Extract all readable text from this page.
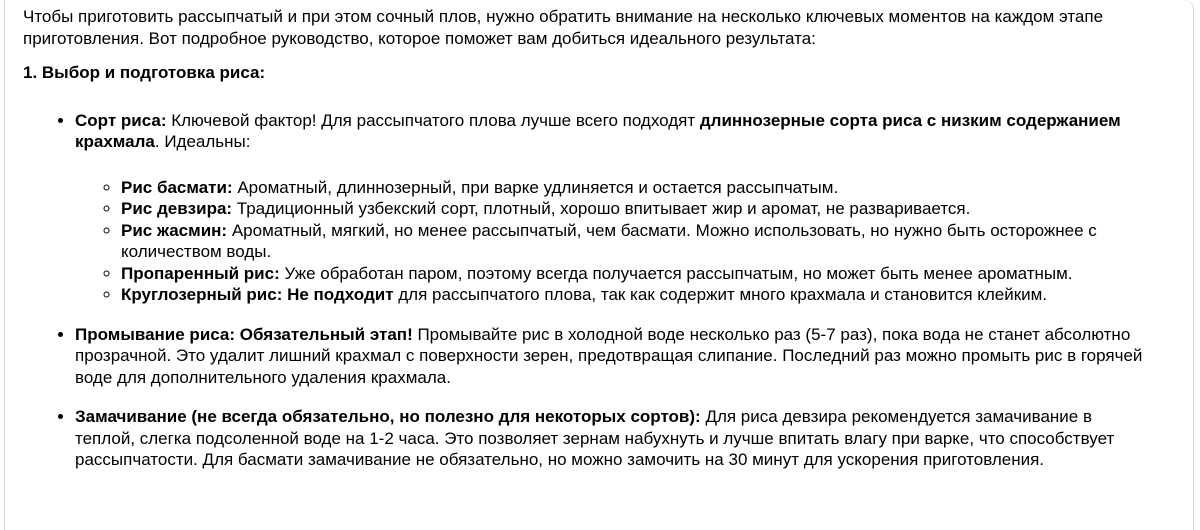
Чтобы приготовить рассыпчатый и при этом сочный плов, нужно обратить внимание на несколько ключевых моментов на каждом этапе приготовления. Вот подробное руководство, которое поможет вам добиться идеального результата:

1. Выбор и подготовка риса:

• Сорт риса: Ключевой фактор! Для рассыпчатого плова лучше всего подходят длиннозерные сорта риса с низким содержанием крахмала. Идеальны:
◦ Рис басмати: Ароматный, длиннозерный, при варке удлиняется и остается рассыпчатым.
◦ Рис девзира: Традиционный узбекский сорт, плотный, хорошо впитывает жир и аромат, не разваривается.
◦ Рис жасмин: Ароматный, мягкий, но менее рассыпчатый, чем басмати. Можно использовать, но нужно быть осторожнее с количеством воды.
◦ Пропаренный рис: Уже обработан паром, поэтому всегда получается рассыпчатым, но может быть менее ароматным.
◦ Круглозерный рис: Не подходит для рассыпчатого плова, так как содержит много крахмала и становится клейким.
• Промывание риса: Обязательный этап! Промывайте рис в холодной воде несколько раз (5-7 раз), пока вода не станет абсолютно прозрачной. Это удалит лишний крахмал с поверхности зерен, предотвращая слипание. Последний раз можно промыть рис в горячей воде для дополнительного удаления крахмала.
• Замачивание (не всегда обязательно, но полезно для некоторых сортов): Для риса девзира рекомендуется замачивание в теплой, слегка подсоленной воде на 1-2 часа. Это позволяет зернам набухнуть и лучше впитать влагу при варке, что способствует рассыпчатости. Для басмати замачивание не обязательно, но можно замочить на 30 минут для ускорения приготовления.
